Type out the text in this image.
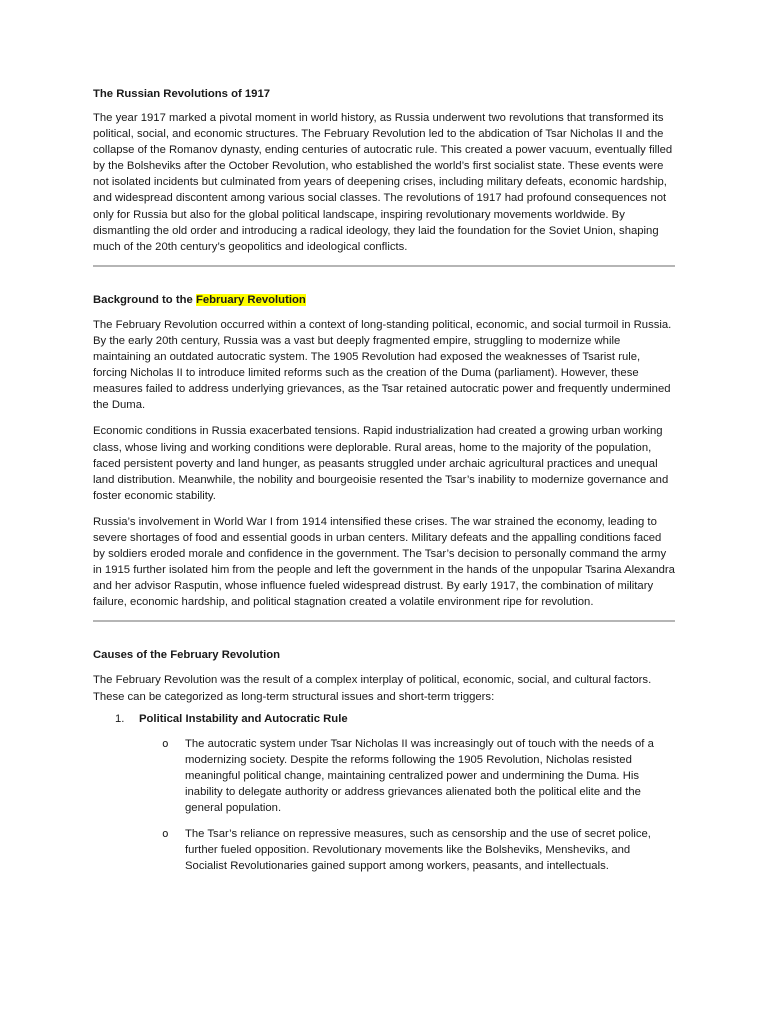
The Russian Revolutions of 1917

The year 1917 marked a pivotal moment in world history, as Russia underwent two revolutions that transformed its political, social, and economic structures. The February Revolution led to the abdication of Tsar Nicholas II and the collapse of the Romanov dynasty, ending centuries of autocratic rule. This created a power vacuum, eventually filled by the Bolsheviks after the October Revolution, who established the world’s first socialist state. These events were not isolated incidents but culminated from years of deepening crises, including military defeats, economic hardship, and widespread discontent among various social classes. The revolutions of 1917 had profound consequences not only for Russia but also for the global political landscape, inspiring revolutionary movements worldwide. By dismantling the old order and introducing a radical ideology, they laid the foundation for the Soviet Union, shaping much of the 20th century’s geopolitics and ideological conflicts.

Background to the February Revolution

The February Revolution occurred within a context of long-standing political, economic, and social turmoil in Russia. By the early 20th century, Russia was a vast but deeply fragmented empire, struggling to modernize while maintaining an outdated autocratic system. The 1905 Revolution had exposed the weaknesses of Tsarist rule, forcing Nicholas II to introduce limited reforms such as the creation of the Duma (parliament). However, these measures failed to address underlying grievances, as the Tsar retained autocratic power and frequently undermined the Duma.

Economic conditions in Russia exacerbated tensions. Rapid industrialization had created a growing urban working class, whose living and working conditions were deplorable. Rural areas, home to the majority of the population, faced persistent poverty and land hunger, as peasants struggled under archaic agricultural practices and unequal land distribution. Meanwhile, the nobility and bourgeoisie resented the Tsar’s inability to modernize governance and foster economic stability.

Russia’s involvement in World War I from 1914 intensified these crises. The war strained the economy, leading to severe shortages of food and essential goods in urban centers. Military defeats and the appalling conditions faced by soldiers eroded morale and confidence in the government. The Tsar’s decision to personally command the army in 1915 further isolated him from the people and left the government in the hands of the unpopular Tsarina Alexandra and her advisor Rasputin, whose influence fueled widespread distrust. By early 1917, the combination of military failure, economic hardship, and political stagnation created a volatile environment ripe for revolution.

Causes of the February Revolution

The February Revolution was the result of a complex interplay of political, economic, social, and cultural factors. These can be categorized as long-term structural issues and short-term triggers:

1.	Political Instability and Autocratic Rule
o	The autocratic system under Tsar Nicholas II was increasingly out of touch with the needs of a modernizing society. Despite the reforms following the 1905 Revolution, Nicholas resisted meaningful political change, maintaining centralized power and undermining the Duma. His inability to delegate authority or address grievances alienated both the political elite and the general population.
o	The Tsar’s reliance on repressive measures, such as censorship and the use of secret police, further fueled opposition. Revolutionary movements like the Bolsheviks, Mensheviks, and Socialist Revolutionaries gained support among workers, peasants, and intellectuals.
